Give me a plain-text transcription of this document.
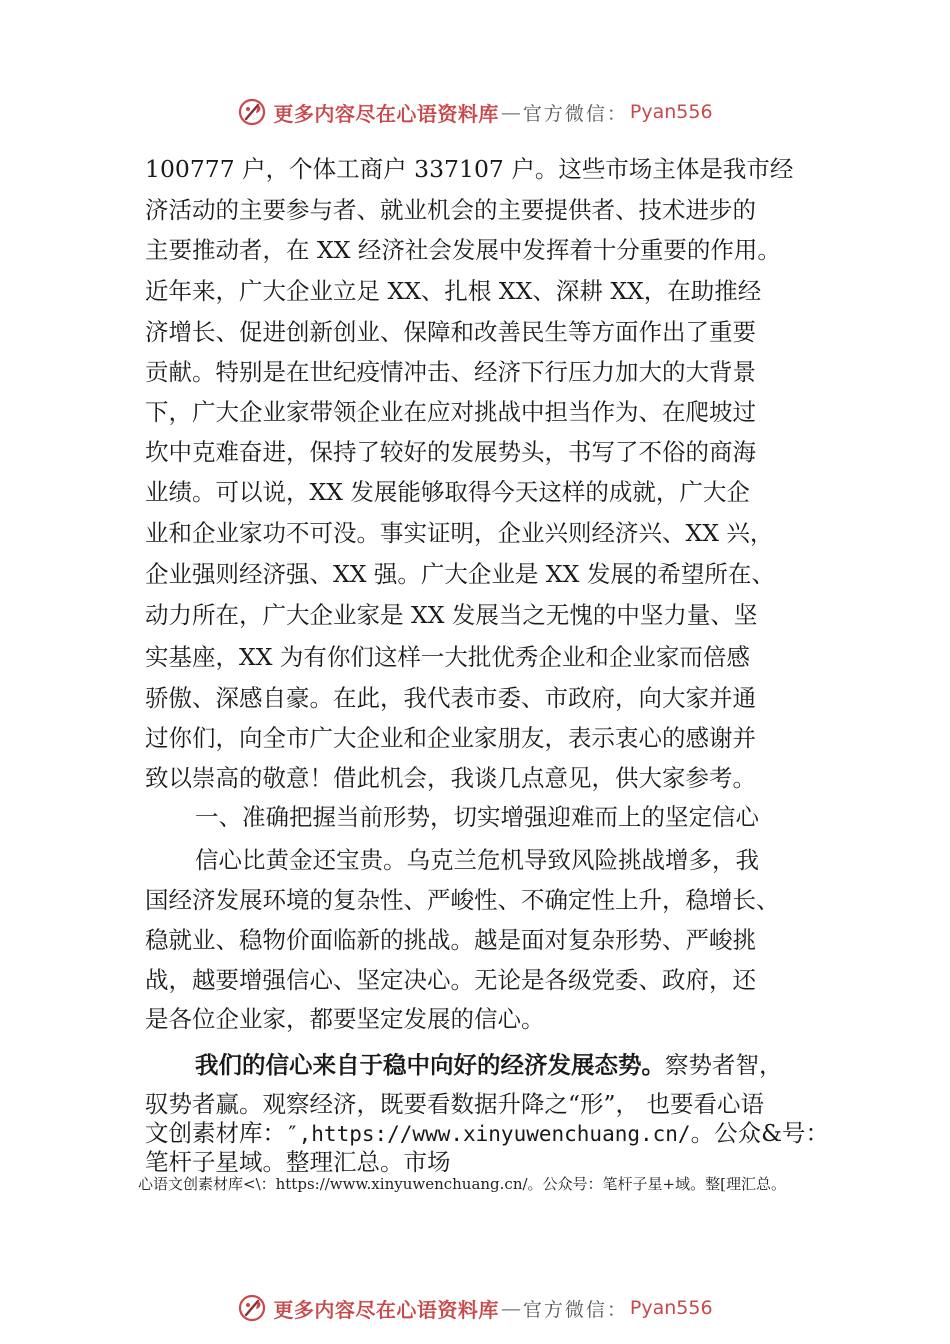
更多内容尽在心语资料库 — 官方微信： Pyan556
100777 户，个体工商户 337107 户。这些市场主体是我市经
济活动的主要参与者、就业机会的主要提供者、技术进步的
主要推动者，在 XX 经济社会发展中发挥着十分重要的作用。
近年来，广大企业立足 XX、扎根 XX、深耕 XX，在助推经
济增长、促进创新创业、保障和改善民生等方面作出了重要
贡献。特别是在世纪疫情冲击、经济下行压力加大的大背景
下，广大企业家带领企业在应对挑战中担当作为、在爬坡过
坎中克难奋进，保持了较好的发展势头，书写了不俗的商海
业绩。可以说，XX 发展能够取得今天这样的成就，广大企
业和企业家功不可没。事实证明，企业兴则经济兴、XX 兴，
企业强则经济强、XX 强。广大企业是 XX 发展的希望所在、
动力所在，广大企业家是 XX 发展当之无愧的中坚力量、坚
实基座，XX 为有你们这样一大批优秀企业和企业家而倍感
骄傲、深感自豪。在此，我代表市委、市政府，向大家并通
过你们，向全市广大企业和企业家朋友，表示衷心的感谢并
致以崇高的敬意！借此机会，我谈几点意见，供大家参考。
一、准确把握当前形势，切实增强迎难而上的坚定信心
信心比黄金还宝贵。乌克兰危机导致风险挑战增多，我
国经济发展环境的复杂性、严峻性、不确定性上升，稳增长、
稳就业、稳物价面临新的挑战。越是面对复杂形势、严峻挑
战，越要增强信心、坚定决心。无论是各级党委、政府，还
是各位企业家，都要坚定发展的信心。
我们的信心来自于稳中向好的经济发展态势。察势者智，
驭势者赢。观察经济，既要看数据升降之“形”， 也要看心语
文创素材库：″,https://www.xinyuwenchuang.cn/。公众&号：
笔杆子星域。整理汇总。市场
心语文创素材库<\：https://www.xinyuwenchuang.cn/。公众号：笔杆子星+域。整[理汇总。
更多内容尽在心语资料库 — 官方微信： Pyan556
